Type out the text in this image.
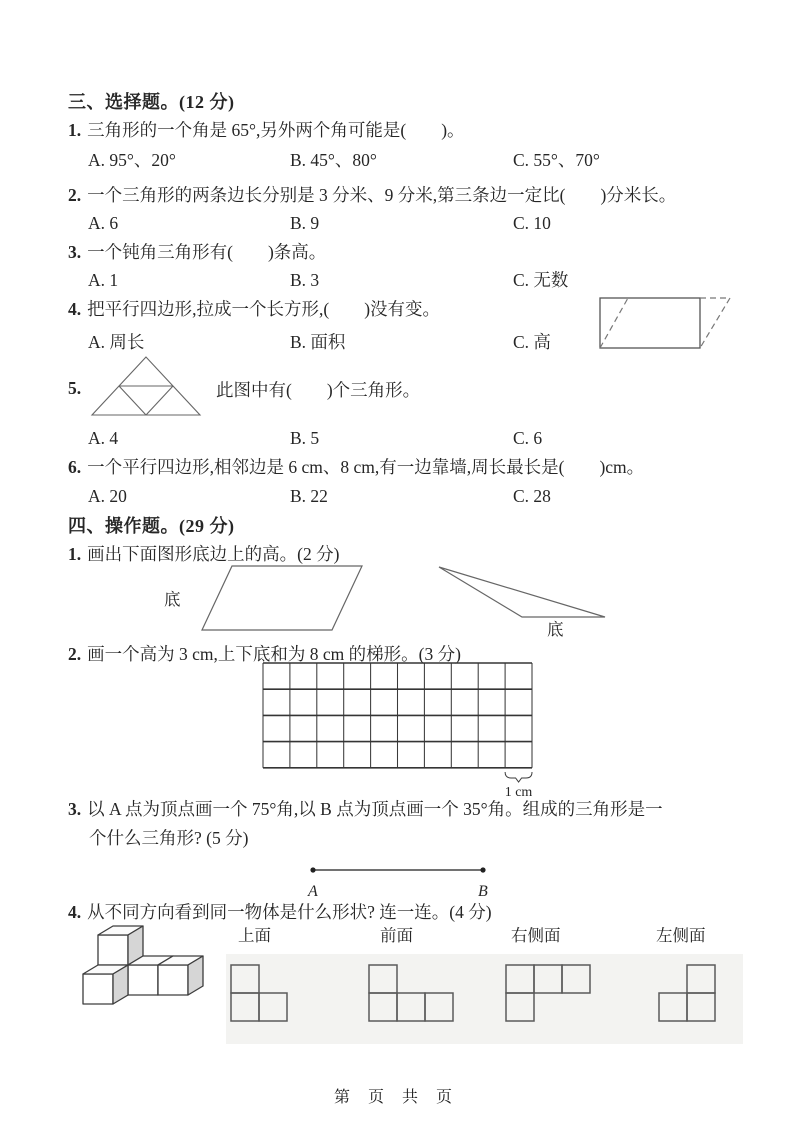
三、选择题。(12 分)
1. 三角形的一个角是 65°,另外两个角可能是(　　)。
A. 95°、20°	B. 45°、80°	C. 55°、70°
2. 一个三角形的两条边长分别是 3 分米、9 分米,第三条边一定比(　　)分米长。
A. 6	B. 9	C. 10
3. 一个钝角三角形有(　　)条高。
A. 1	B. 3	C. 无数
4. 把平行四边形,拉成一个长方形,(　　)没有变。
A. 周长	B. 面积	C. 高
5.	此图中有(　　)个三角形。
A. 4	B. 5	C. 6
6. 一个平行四边形,相邻边是 6 cm、8 cm,有一边靠墙,周长最长是(　　)cm。
A. 20	B. 22	C. 28
四、操作题。(29 分)
1. 画出下面图形底边上的高。(2 分)
底
底
2. 画一个高为 3 cm,上下底和为 8 cm 的梯形。(3 分)
1 cm
3. 以 A 点为顶点画一个 75°角,以 B 点为顶点画一个 35°角。组成的三角形是一
个什么三角形? (5 分)
A	B
4. 从不同方向看到同一物体是什么形状? 连一连。(4 分)
上面	前面	右侧面	左侧面
第 页 共 页
